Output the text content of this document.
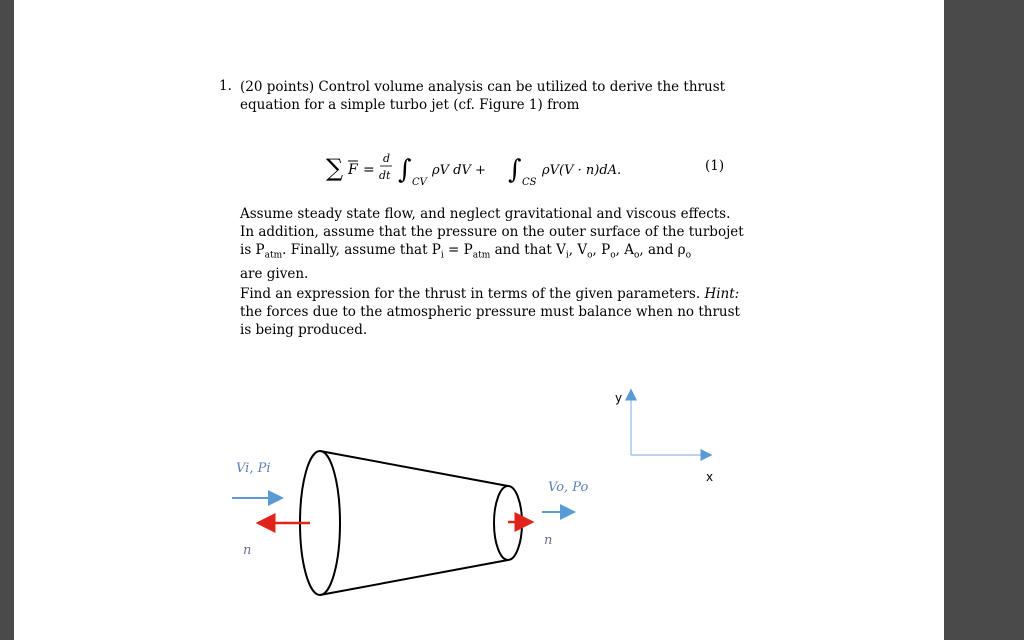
1. (20 points) Control volume analysis can be utilized to derive the thrust
equation for a simple turbo jet (cf. Figure 1) from
∑ F =
d
dt ∫ CV
ρV dV + ∫ CS
ρV(V · n)dA.	(1)
Assume steady state flow, and neglect gravitational and viscous effects.
In addition, assume that the pressure on the outer surface of the turbojet
is $P_{atm}$. Finally, assume that $P_i = P_{atm}$ and that $V_i$, $V_o$, $P_o$, $A_o$, and $\rho_o$
are given.
Find an expression for the thrust in terms of the given parameters. Hint:
the forces due to the atmospheric pressure must balance when no thrust
is being produced.
Vi, Pi
n
Vo, Po
n
y
x
